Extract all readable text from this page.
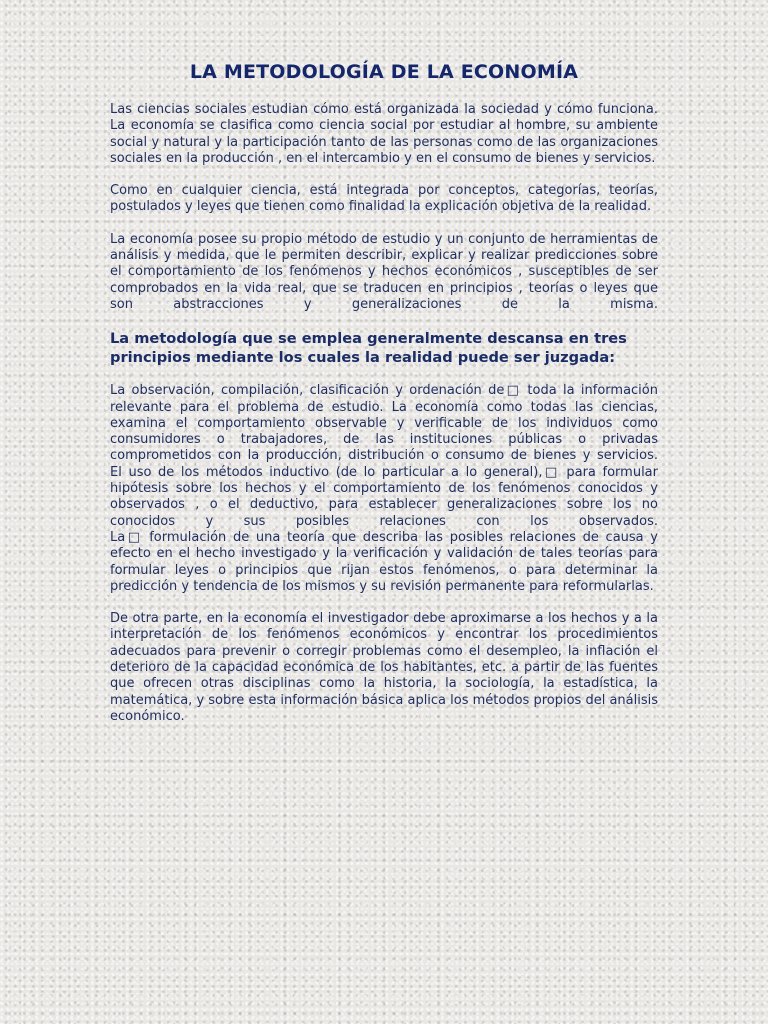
LA METODOLOGÍA DE LA ECONOMÍA

Las ciencias sociales estudian cómo está organizada la sociedad y cómo funciona. La economía se clasifica como ciencia social por estudiar al hombre, su ambiente social y natural y la participación tanto de las personas como de las organizaciones sociales en la producción , en el intercambio y en el consumo de bienes y servicios.

Como en cualquier ciencia, está integrada por conceptos, categorías, teorías, postulados y leyes que tienen como finalidad la explicación objetiva de la realidad.

La economía posee su propio método de estudio y un conjunto de herramientas de análisis y medida, que le permiten describir, explicar y realizar predicciones sobre el comportamiento de los fenómenos y hechos económicos , susceptibles de ser comprobados en la vida real, que se traducen en principios , teorías o leyes que son abstracciones y generalizaciones de la misma.

La metodología que se emplea generalmente descansa en tres principios mediante los cuales la realidad puede ser juzgada:

La observación, compilación, clasificación y ordenación de□ toda la información relevante para el problema de estudio. La economía como todas las ciencias, examina el comportamiento observable y verificable de los individuos como consumidores o trabajadores, de las instituciones públicas o privadas comprometidos con la producción, distribución o consumo de bienes y servicios.
El uso de los métodos inductivo (de lo particular a lo general),□ para formular hipótesis sobre los hechos y el comportamiento de los fenómenos conocidos y observados , o el deductivo, para establecer generalizaciones sobre los no conocidos y sus posibles relaciones con los observados.
La□ formulación de una teoría que describa las posibles relaciones de causa y efecto en el hecho investigado y la verificación y validación de tales teorías para formular leyes o principios que rijan estos fenómenos, o para determinar la predicción y tendencia de los mismos y su revisión permanente para reformularlas.

De otra parte, en la economía el investigador debe aproximarse a los hechos y a la interpretación de los fenómenos económicos y encontrar los procedimientos adecuados para prevenir o corregir problemas como el desempleo, la inflación el deterioro de la capacidad económica de los habitantes, etc. a partir de las fuentes que ofrecen otras disciplinas como la historia, la sociología, la estadística, la matemática, y sobre esta información básica aplica los métodos propios del análisis económico.
